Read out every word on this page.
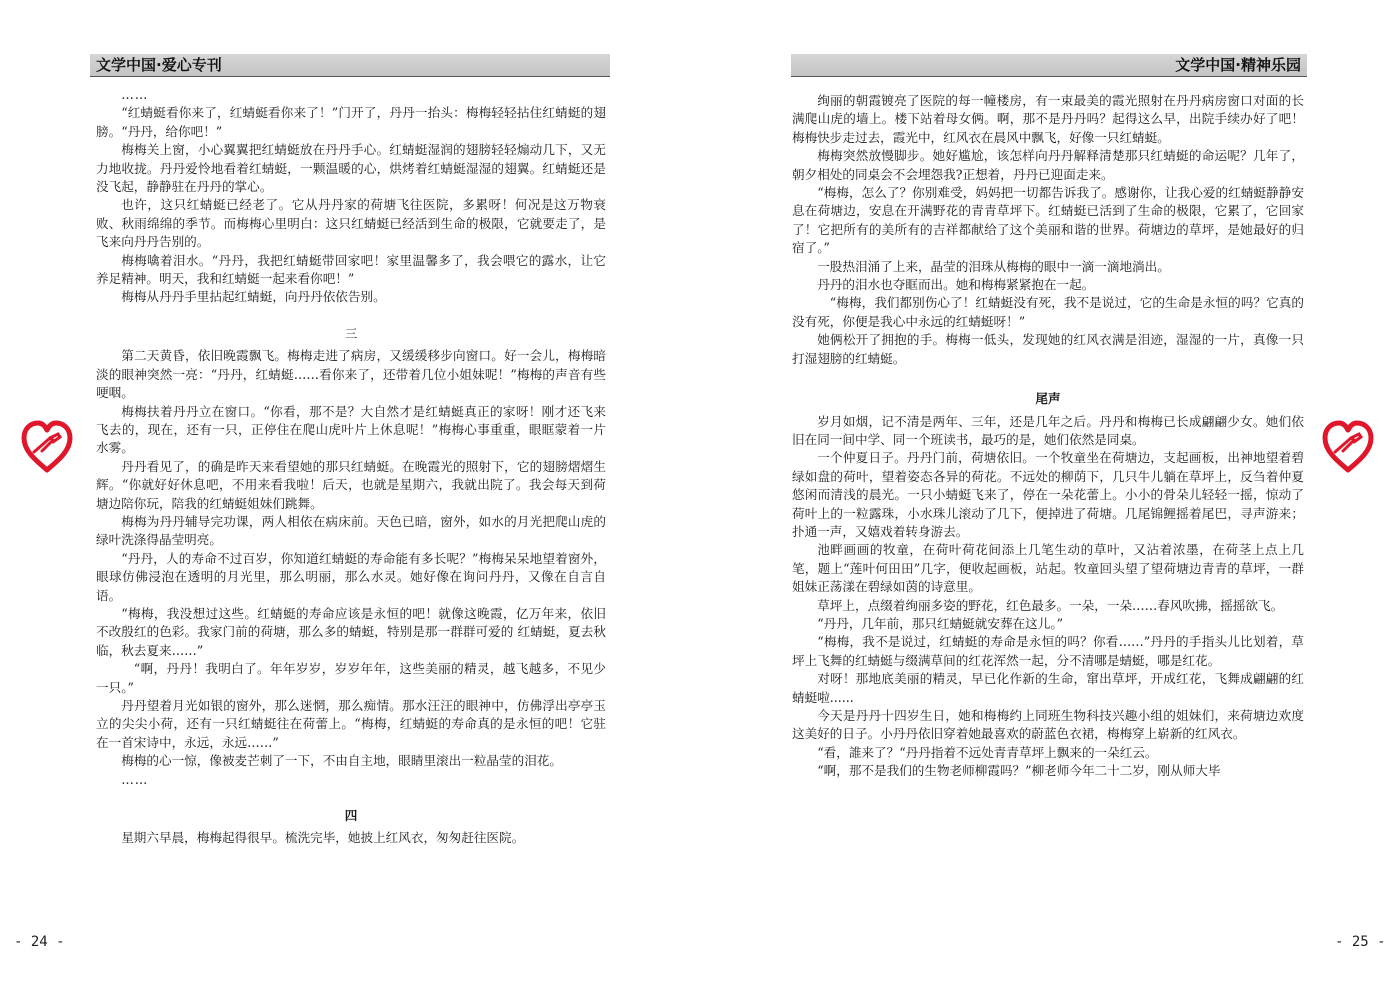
文学中国·爱心专刊

……

“红蜻蜓看你来了，红蜻蜓看你来了！”门开了，丹丹一抬头：梅梅轻轻拈住红蜻蜓的翅膀。“丹丹，给你吧！”

梅梅关上窗，小心翼翼把红蜻蜓放在丹丹手心。红蜻蜓湿润的翅膀轻轻煽动几下，又无力地收拢。丹丹爱怜地看着红蜻蜓，一颗温暖的心，烘烤着红蜻蜓湿湿的翅翼。红蜻蜓还是没飞起，静静驻在丹丹的掌心。

也许，这只红蜻蜓已经老了。它从丹丹家的荷塘飞往医院，多累呀！何况是这万物衰败、秋雨绵绵的季节。而梅梅心里明白：这只红蜻蜓已经活到生命的极限，它就要走了，是飞来向丹丹告别的。

梅梅噙着泪水。“丹丹，我把红蜻蜓带回家吧！家里温馨多了，我会喂它的露水，让它养足精神。明天，我和红蜻蜓一起来看你吧！”

梅梅从丹丹手里拈起红蜻蜓，向丹丹依依告别。

三

第二天黄昏，依旧晚霞飘飞。梅梅走进了病房，又缓缓移步向窗口。好一会儿，梅梅暗淡的眼神突然一亮：“丹丹，红蜻蜓……看你来了，还带着几位小姐妹呢！”梅梅的声音有些哽咽。

梅梅扶着丹丹立在窗口。“你看，那不是？大自然才是红蜻蜓真正的家呀！刚才还飞来飞去的，现在，还有一只，正停住在爬山虎叶片上休息呢！”梅梅心事重重，眼眶蒙着一片水雾。

丹丹看见了，的确是昨天来看望她的那只红蜻蜓。在晚霞光的照射下，它的翅膀熠熠生辉。“你就好好休息吧，不用来看我啦！后天，也就是星期六，我就出院了。我会每天到荷塘边陪你玩，陪我的红蜻蜓姐妹们跳舞。

梅梅为丹丹辅导完功课，两人相依在病床前。天色已暗，窗外，如水的月光把爬山虎的绿叶洗涤得晶莹明亮。

“丹丹，人的寿命不过百岁，你知道红蜻蜓的寿命能有多长呢？”梅梅呆呆地望着窗外，眼球仿佛浸泡在透明的月光里，那么明丽，那么水灵。她好像在询问丹丹，又像在自言自语。

“梅梅，我没想过这些。红蜻蜓的寿命应该是永恒的吧！就像这晚霞，亿万年来，依旧不改殷红的色彩。我家门前的荷塘，那么多的蜻蜓，特别是那一群群可爱的 红蜻蜓，夏去秋临，秋去夏来……”

“啊，丹丹！我明白了。年年岁岁，岁岁年年，这些美丽的精灵，越飞越多，不见少一只。”

丹丹望着月光如银的窗外，那么迷惘，那么痴情。那水汪汪的眼神中，仿佛浮出亭亭玉立的尖尖小荷，还有一只红蜻蜓往在荷蕾上。“梅梅，红蜻蜓的寿命真的是永恒的吧！它驻在一首宋诗中，永远，永远……”

梅梅的心一惊，像被麦芒刺了一下，不由自主地，眼睛里滚出一粒晶莹的泪花。

……

四

星期六早晨，梅梅起得很早。梳洗完毕，她披上红风衣，匆匆赶往医院。

- 24 -
文学中国·精神乐园

绚丽的朝霞镀亮了医院的每一幢楼房，有一束最美的霞光照射在丹丹病房窗口对面的长满爬山虎的墙上。楼下站着母女俩。啊，那不是丹丹吗？起得这么早，出院手续办好了吧！梅梅快步走过去，霞光中，红风衣在晨风中飘飞，好像一只红蜻蜓。

梅梅突然放慢脚步。她好尴尬，该怎样向丹丹解释清楚那只红蜻蜓的命运呢？几年了，朝夕相处的同桌会不会埋怨我?正想着，丹丹已迎面走来。

“梅梅，怎么了？你别难受，妈妈把一切都告诉我了。感谢你，让我心爱的红蜻蜓静静安息在荷塘边，安息在开满野花的青青草坪下。红蜻蜓已活到了生命的极限，它累了，它回家了！它把所有的美所有的吉祥都献给了这个美丽和谐的世界。荷塘边的草坪，是她最好的归宿了。”

一股热泪涌了上来，晶莹的泪珠从梅梅的眼中一滴一滴地淌出。

丹丹的泪水也夺眶而出。她和梅梅紧紧抱在一起。

“梅梅，我们都别伤心了！红蜻蜓没有死，我不是说过，它的生命是永恒的吗？它真的没有死，你便是我心中永远的红蜻蜓呀！”

她俩松开了拥抱的手。梅梅一低头，发现她的红风衣满是泪迹，湿湿的一片，真像一只打湿翅膀的红蜻蜓。

尾声

岁月如烟，记不清是两年、三年，还是几年之后。丹丹和梅梅已长成翩翩少女。她们依旧在同一间中学、同一个班读书，最巧的是，她们依然是同桌。

一个仲夏日子。丹丹门前，荷塘依旧。一个牧童坐在荷塘边，支起画板，出神地望着碧绿如盘的荷叶，望着姿态各异的荷花。不远处的柳荫下，几只牛儿躺在草坪上，反刍着仲夏悠闲而清浅的晨光。一只小蜻蜓飞来了，停在一朵花蕾上。小小的骨朵儿轻轻一摇，惊动了荷叶上的一粒露珠，小水珠儿滚动了几下，便掉进了荷塘。几尾锦鲤摇着尾巴，寻声游来；扑通一声，又嬉戏着转身游去。

池畔画画的牧童，在荷叶荷花间添上几笔生动的草叶，又沾着浓墨，在荷茎上点上几笔，题上“莲叶何田田”几字，便收起画板，站起。牧童回头望了望荷塘边青青的草坪，一群姐妹正荡漾在碧绿如茵的诗意里。

草坪上，点缀着绚丽多姿的野花，红色最多。一朵，一朵……春风吹拂，摇摇欲飞。

“丹丹，几年前，那只红蜻蜓就安葬在这儿。”

“梅梅，我不是说过，红蜻蜓的寿命是永恒的吗？你看……”丹丹的手指头儿比划着，草坪上飞舞的红蜻蜓与缀满草间的红花浑然一起，分不清哪是蜻蜓，哪是红花。

对呀！那地底美丽的精灵，早已化作新的生命，窜出草坪，开成红花，飞舞成翩翩的红蜻蜓啦......

今天是丹丹十四岁生日，她和梅梅约上同班生物科技兴趣小组的姐妹们，来荷塘边欢度这美好的日子。小丹丹依旧穿着她最喜欢的蔚蓝色衣裙，梅梅穿上崭新的红风衣。

“看，誰来了？“丹丹指着不远处青青草坪上飘来的一朵红云。

“啊，那不是我们的生物老师柳霞吗？”柳老师今年二十二岁，刚从师大毕

- 25 -
